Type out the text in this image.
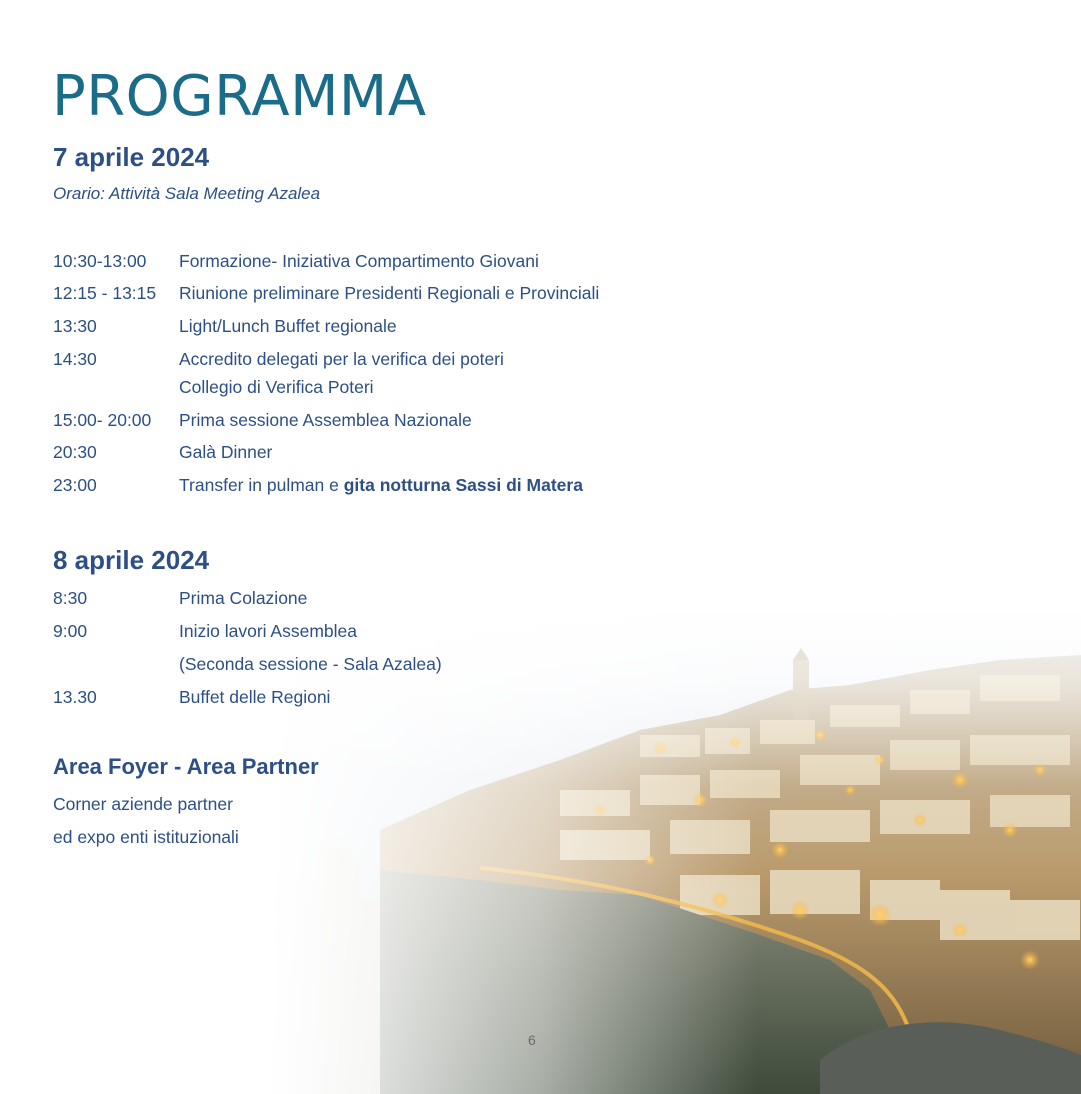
PROGRAMMA
7 aprile 2024
Orario: Attività Sala Meeting Azalea
10:30-13:00 Formazione- Iniziativa Compartimento Giovani
12:15 - 13:15 Riunione preliminare Presidenti Regionali e Provinciali
13:30	Light/Lunch Buffet regionale
14:30	Accredito delegati per la verifica dei poteri
Collegio di Verifica Poteri
15:00- 20:00 Prima sessione Assemblea Nazionale
20:30	Galà Dinner
23:00	Transfer in pulman e gita notturna Sassi di Matera
8 aprile 2024
8:30	Prima Colazione
9:00	Inizio lavori Assemblea
(Seconda sessione - Sala Azalea)
13.30	Buffet delle Regioni
Area Foyer - Area Partner
Corner aziende partner
ed expo enti istituzionali
6
